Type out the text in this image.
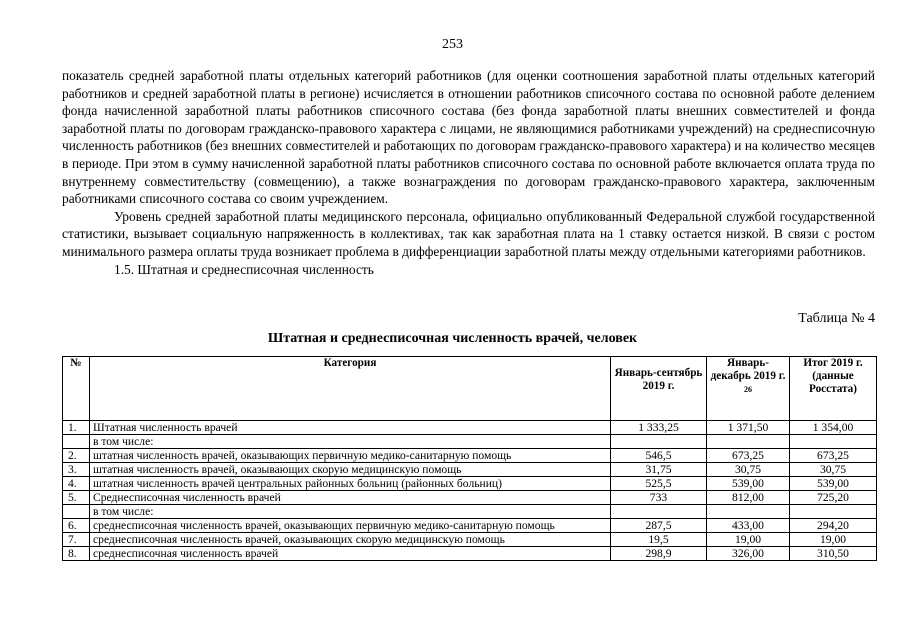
253

показатель средней заработной платы отдельных категорий работников (для оценки соотношения заработной платы отдельных категорий работников и средней заработной платы в регионе) исчисляется в отношении работников списочного состава по основной работе делением фонда начисленной заработной платы работников списочного состава (без фонда заработной платы внешних совместителей и фонда заработной платы по договорам гражданско-правового характера с лицами, не являющимися работниками учреждений) на среднесписочную численность работников (без внешних совместителей и работающих по договорам гражданско-правового характера) и на количество месяцев в периоде. При этом в сумму начисленной заработной платы работников списочного состава по основной работе включается оплата труда по внутреннему совместительству (совмещению), а также вознаграждения по договорам гражданско-правового характера, заключенным работниками списочного состава со своим учреждением.

Уровень средней заработной платы медицинского персонала, официально опубликованный Федеральной службой государственной статистики, вызывает социальную напряженность в коллективах, так как заработная плата на 1 ставку остается низкой. В связи с ростом минимального размера оплаты труда возникает проблема в дифференциации заработной платы между отдельными категориями работников.

1.5. Штатная и среднесписочная численность

Таблица № 4
Штатная и среднесписочная численность врачей, человек
№	Категория	Январь-сентябрь 2019 г.	Январь-декабрь 2019 г. $^{26}$	Итог 2019 г. (данные Росстата)
1.	Штатная численность врачей	1 333,25	1 371,50	1 354,00
	в том числе:			
2.	штатная численность врачей, оказывающих первичную медико-санитарную помощь	546,5	673,25	673,25
3.	штатная численность врачей, оказывающих скорую медицинскую помощь	31,75	30,75	30,75
4.	штатная численность врачей центральных районных больниц (районных больниц)	525,5	539,00	539,00
5.	Среднесписочная численность врачей	733	812,00	725,20
	в том числе:			
6.	среднесписочная численность врачей, оказывающих первичную медико-санитарную помощь	287,5	433,00	294,20
7.	среднесписочная численность врачей, оказывающих скорую медицинскую помощь	19,5	19,00	19,00
8.	среднесписочная численность врачей	298,9	326,00	310,50
